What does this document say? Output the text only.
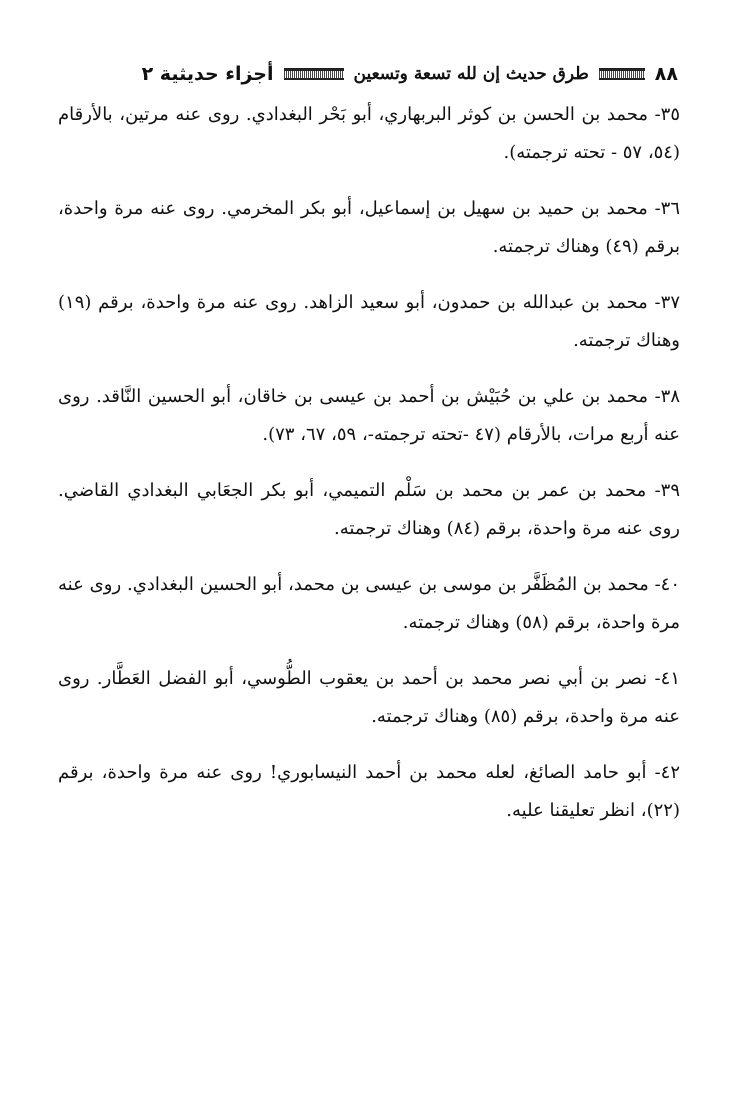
٨٨
طرق حديث إن لله تسعة وتسعين
أجزاء حديثية ٢

٣٥- محمد بن الحسن بن كوثر البربهاري، أبو بَحْر البغدادي. روى عنه مرتين، بالأرقام (٥٤، ٥٧ - تحته ترجمته).

٣٦- محمد بن حميد بن سهيل بن إسماعيل، أبو بكر المخرمي. روى عنه مرة واحدة، برقم (٤٩) وهناك ترجمته.

٣٧- محمد بن عبدالله بن حمدون، أبو سعيد الزاهد. روى عنه مرة واحدة، برقم (١٩) وهناك ترجمته.

٣٨- محمد بن علي بن حُبَيْش بن أحمد بن عيسى بن خاقان، أبو الحسين النَّاقد. روى عنه أربع مرات، بالأرقام (٤٧ -تحته ترجمته-، ٥٩، ٦٧، ٧٣).

٣٩- محمد بن عمر بن محمد بن سَلْم التميمي، أبو بكر الجعَابي البغدادي القاضي. روى عنه مرة واحدة، برقم (٨٤) وهناك ترجمته.

٤٠- محمد بن المُظَفَّر بن موسى بن عيسى بن محمد، أبو الحسين البغدادي. روى عنه مرة واحدة، برقم (٥٨) وهناك ترجمته.

٤١- نصر بن أبي نصر محمد بن أحمد بن يعقوب الطُّوسي، أبو الفضل العَطَّار. روى عنه مرة واحدة، برقم (٨٥) وهناك ترجمته.

٤٢- أبو حامد الصائغ، لعله محمد بن أحمد النيسابوري! روى عنه مرة واحدة، برقم (٢٢)، انظر تعليقنا عليه.
